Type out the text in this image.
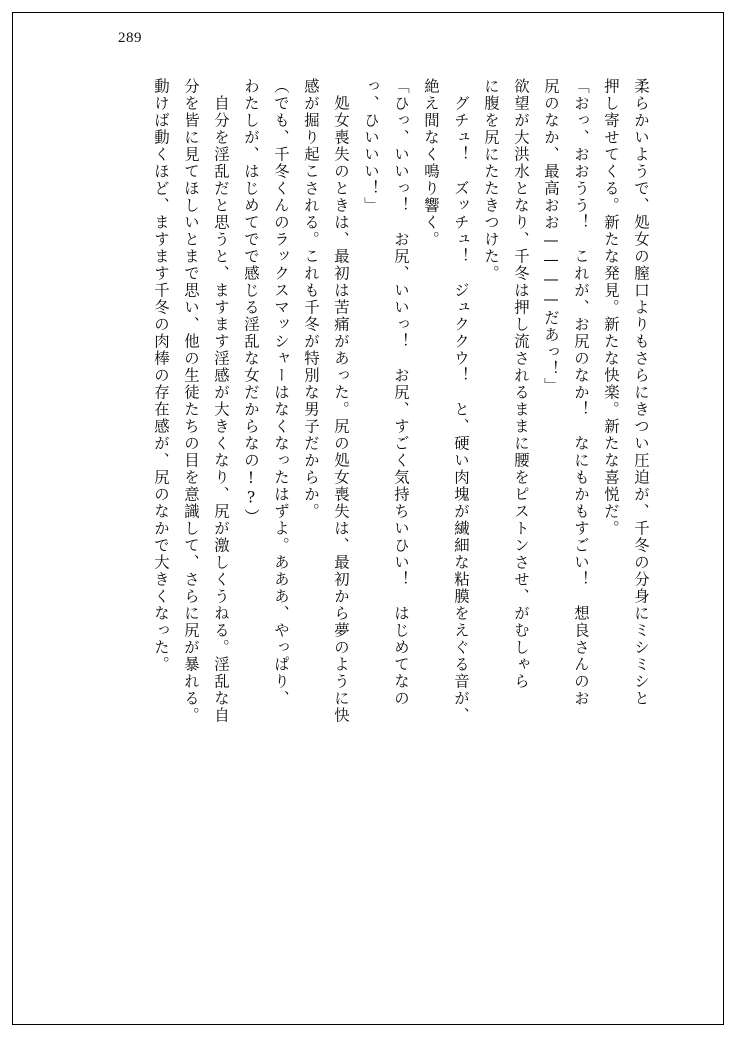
289
柔らかいようで、処女の膣口よりもさらにきつい圧迫が、千冬の分身にミシミシと
押し寄せてくる。新たな発見。新たな快楽。新たな喜悦だ。
「おっ、おおうう！　これが、お尻のなか！　なにもかもすごい！　想良さんのお
尻のなか、最高おお————だあっ！」
欲望が大洪水となり、千冬は押し流されるままに腰をピストンさせ、がむしゃら
に腹を尻にたたきつけた。
グチュ！　ズッチュ！　ジュククウ！　と、硬い肉塊が繊細な粘膜をえぐる音が、
絶え間なく鳴り響く。
「ひっ、いいっ！　お尻、いいっ！　お尻、すごく気持ちいひい！　はじめてなの
っ、ひいいい！」
処女喪失のときは、最初は苦痛があった。尻の処女喪失は、最初から夢のように快
感が掘り起こされる。これも千冬が特別な男子だからか。
（でも、千冬くんのラックスマッシャーはなくなったはずよ。あああ、やっぱり、
わたしが、はじめてでで感じる淫乱な女だからなの!?）
自分を淫乱だと思うと、ますます淫感が大きくなり、尻が激しくうねる。淫乱な自
分を皆に見てほしいとまで思い、他の生徒たちの目を意識して、さらに尻が暴れる。
動けば動くほど、ますます千冬の肉棒の存在感が、尻のなかで大きくなった。
